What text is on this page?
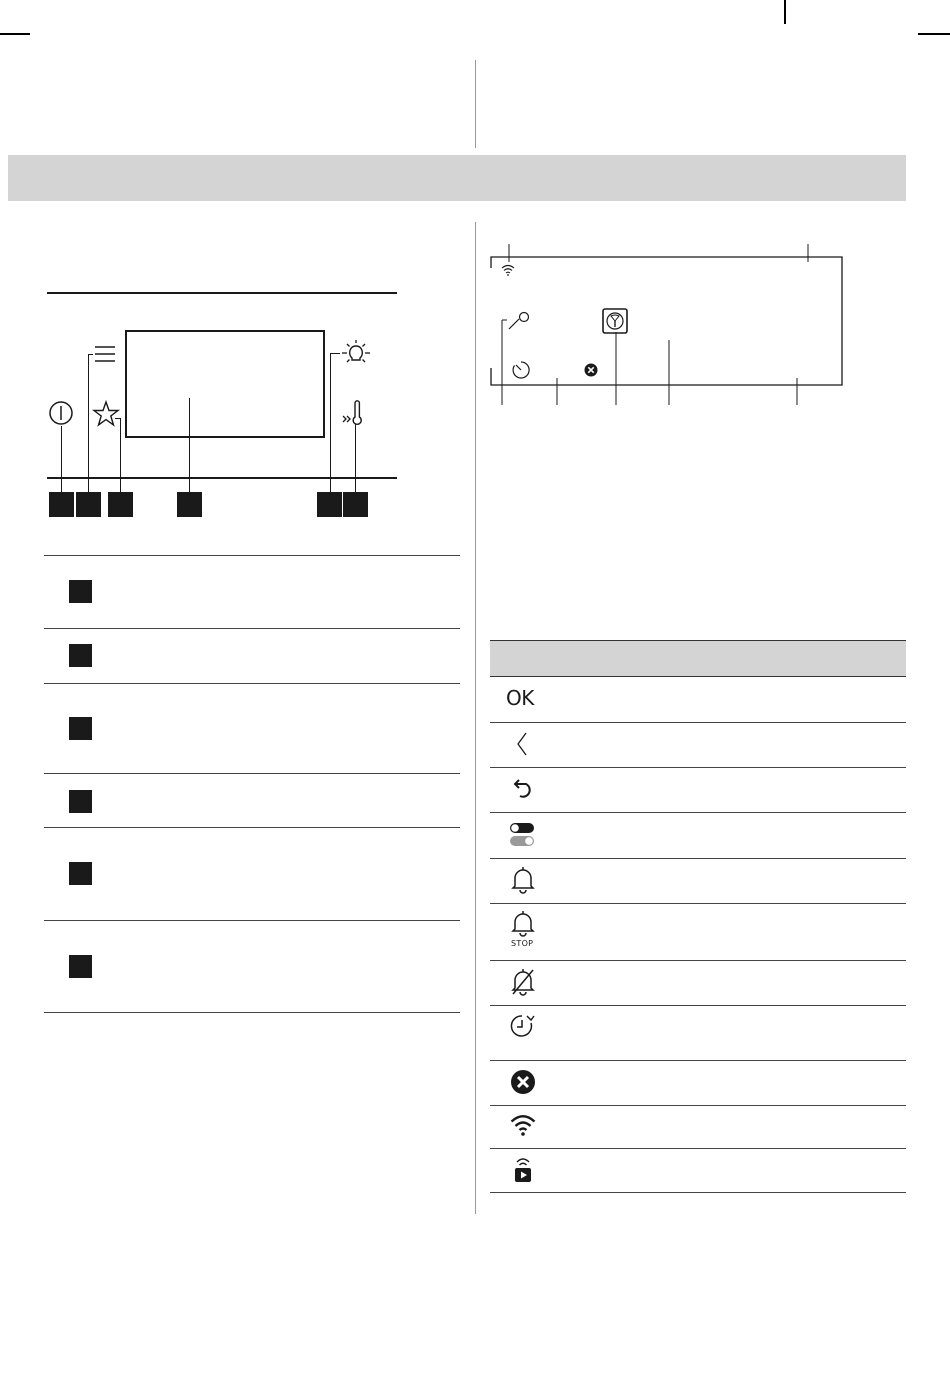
OK
STOP
